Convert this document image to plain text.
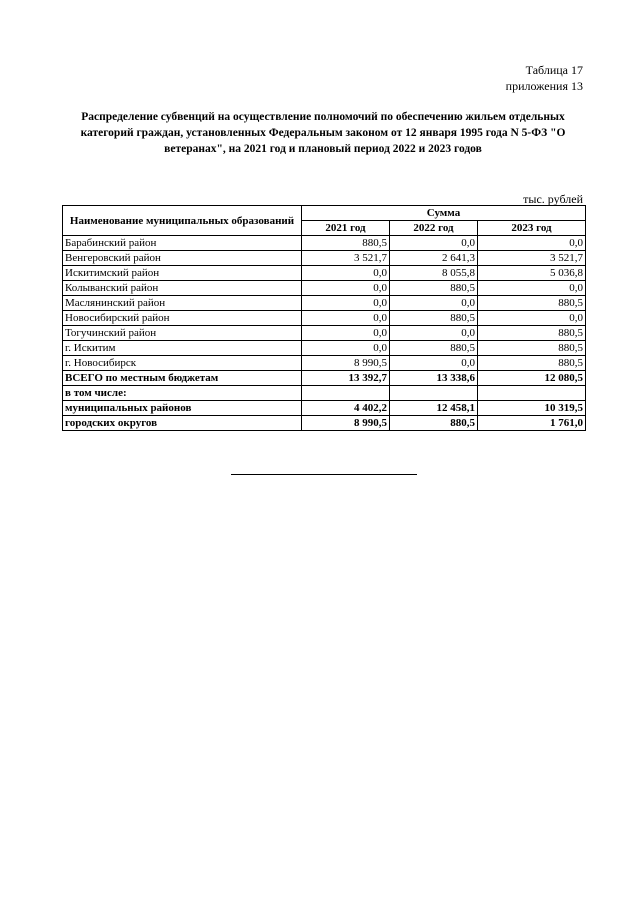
Таблица 17
приложения 13
Распределение субвенций на осуществление полномочий по обеспечению жильем отдельных категорий граждан, установленных Федеральным законом от 12 января 1995 года N 5-ФЗ "О ветеранах", на 2021 год и плановый период 2022 и 2023 годов
тыс. рублей
Наименование муниципальных образований	Сумма		
	2021 год	2022 год	2023 год
Барабинский район	880,5	0,0	0,0
Венгеровский район	3 521,7	2 641,3	3 521,7
Искитимский район	0,0	8 055,8	5 036,8
Колыванский район	0,0	880,5	0,0
Маслянинский район	0,0	0,0	880,5
Новосибирский район	0,0	880,5	0,0
Тогучинский район	0,0	0,0	880,5
г. Искитим	0,0	880,5	880,5
г. Новосибирск	8 990,5	0,0	880,5
ВСЕГО по местным бюджетам	13 392,7	13 338,6	12 080,5
в том числе:			
муниципальных районов	4 402,2	12 458,1	10 319,5
городских округов	8 990,5	880,5	1 761,0
